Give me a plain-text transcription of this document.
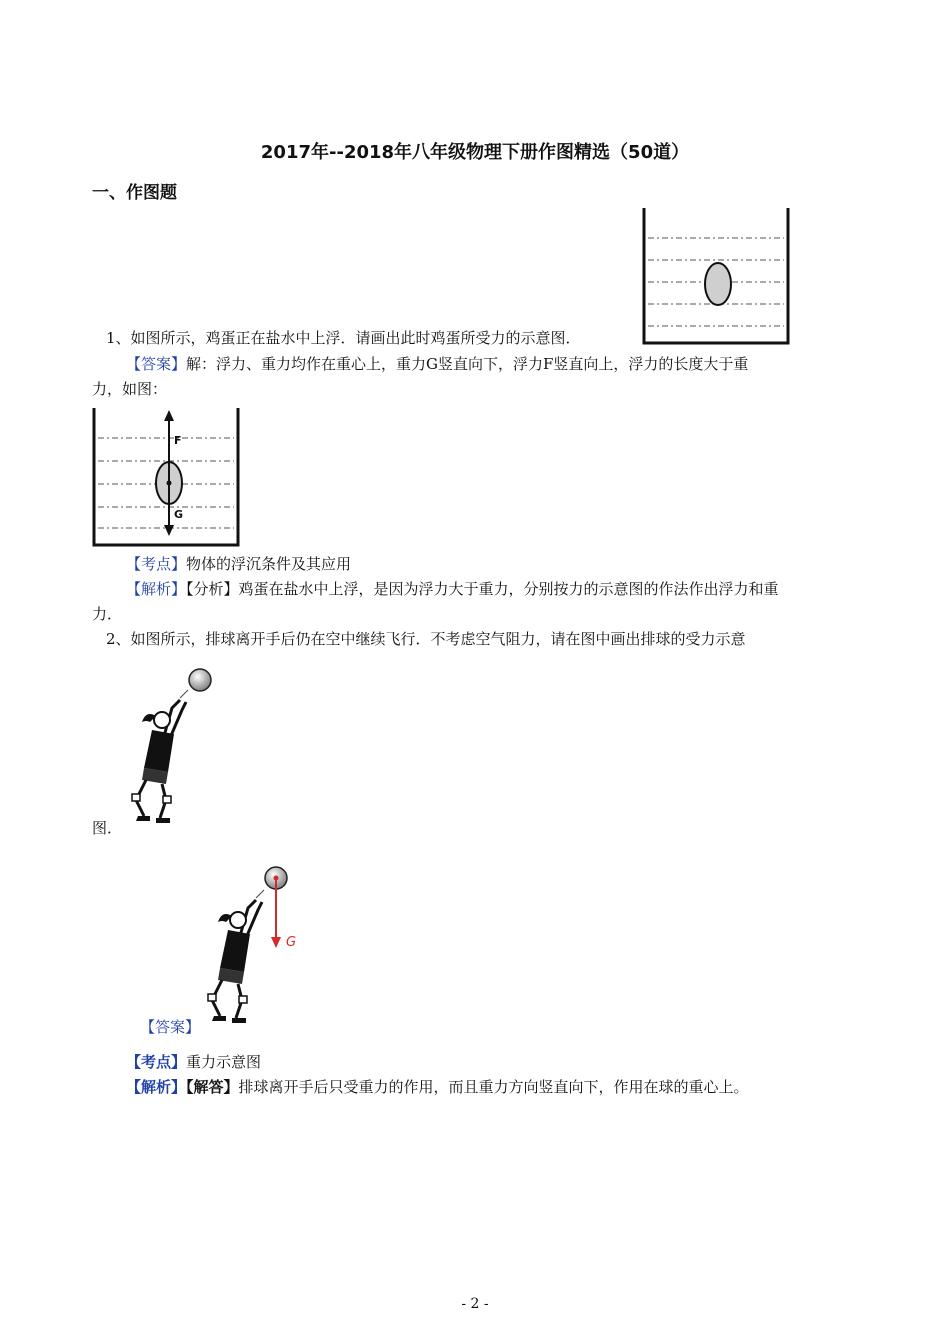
2017年--2018年八年级物理下册作图精选（50道）
一、作图题
1、如图所示，鸡蛋正在盐水中上浮．请画出此时鸡蛋所受力的示意图．
【答案】解：浮力、重力均作在重心上，重力G竖直向下，浮力F竖直向上，浮力的长度大于重
力，如图：
F
G
【考点】物体的浮沉条件及其应用
【解析】【分析】鸡蛋在盐水中上浮，是因为浮力大于重力，分别按力的示意图的作法作出浮力和重
力．
2、如图所示，排球离开手后仍在空中继续飞行．不考虑空气阻力，请在图中画出排球的受力示意
图．
G
【答案】
【考点】重力示意图
【解析】【解答】排球离开手后只受重力的作用，而且重力方向竖直向下，作用在球的重心上。
- 2 -
